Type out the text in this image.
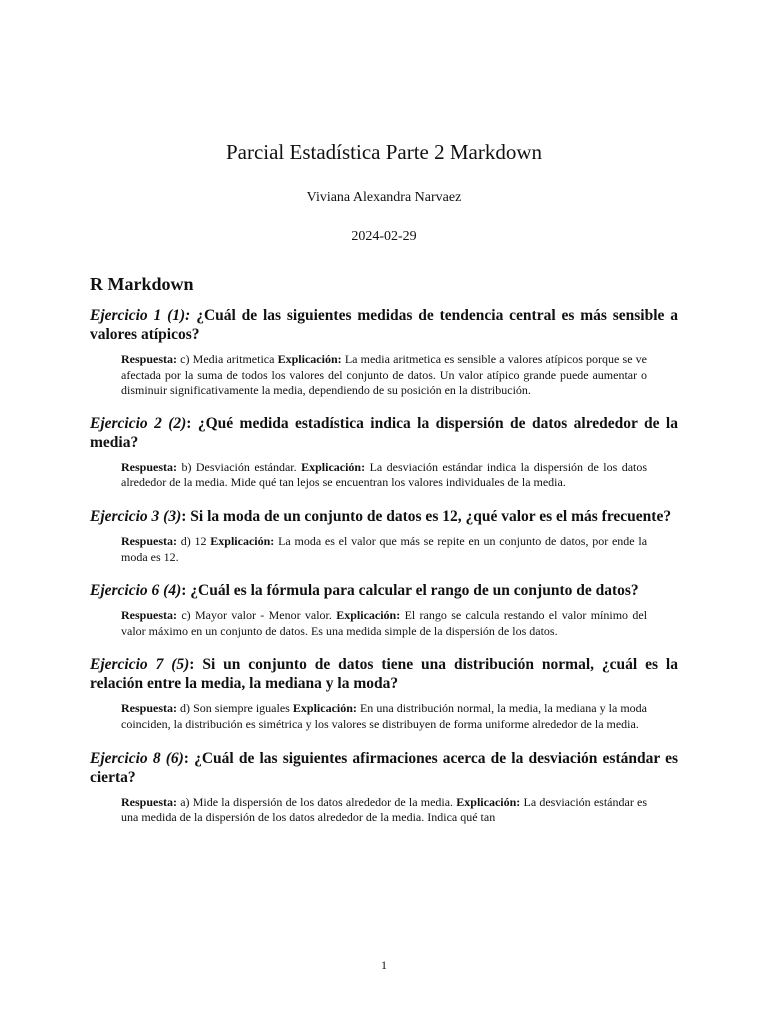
Parcial Estadística Parte 2 Markdown
Viviana Alexandra Narvaez
2024-02-29
R Markdown

Ejercicio 1 (1): ¿Cuál de las siguientes medidas de tendencia central es más sensible a valores atípicos?

Respuesta: c) Media aritmetica Explicación: La media aritmetica es sensible a valores atípicos porque se ve afectada por la suma de todos los valores del conjunto de datos. Un valor atípico grande puede aumentar o disminuir significativamente la media, dependiendo de su posición en la distribución.

Ejercicio 2 (2): ¿Qué medida estadística indica la dispersión de datos alrededor de la media?

Respuesta: b) Desviación estándar. Explicación: La desviación estándar indica la dispersión de los datos alrededor de la media. Mide qué tan lejos se encuentran los valores individuales de la media.

Ejercicio 3 (3): Si la moda de un conjunto de datos es 12, ¿qué valor es el más frecuente?

Respuesta: d) 12 Explicación: La moda es el valor que más se repite en un conjunto de datos, por ende la moda es 12.

Ejercicio 6 (4): ¿Cuál es la fórmula para calcular el rango de un conjunto de datos?

Respuesta: c) Mayor valor - Menor valor. Explicación: El rango se calcula restando el valor mínimo del valor máximo en un conjunto de datos. Es una medida simple de la dispersión de los datos.

Ejercicio 7 (5): Si un conjunto de datos tiene una distribución normal, ¿cuál es la relación entre la media, la mediana y la moda?

Respuesta: d) Son siempre iguales Explicación: En una distribución normal, la media, la mediana y la moda coinciden, la distribución es simétrica y los valores se distribuyen de forma uniforme alrededor de la media.

Ejercicio 8 (6): ¿Cuál de las siguientes afirmaciones acerca de la desviación estándar es cierta?

Respuesta: a) Mide la dispersión de los datos alrededor de la media. Explicación: La desviación estándar es una medida de la dispersión de los datos alrededor de la media. Indica qué tan

1
